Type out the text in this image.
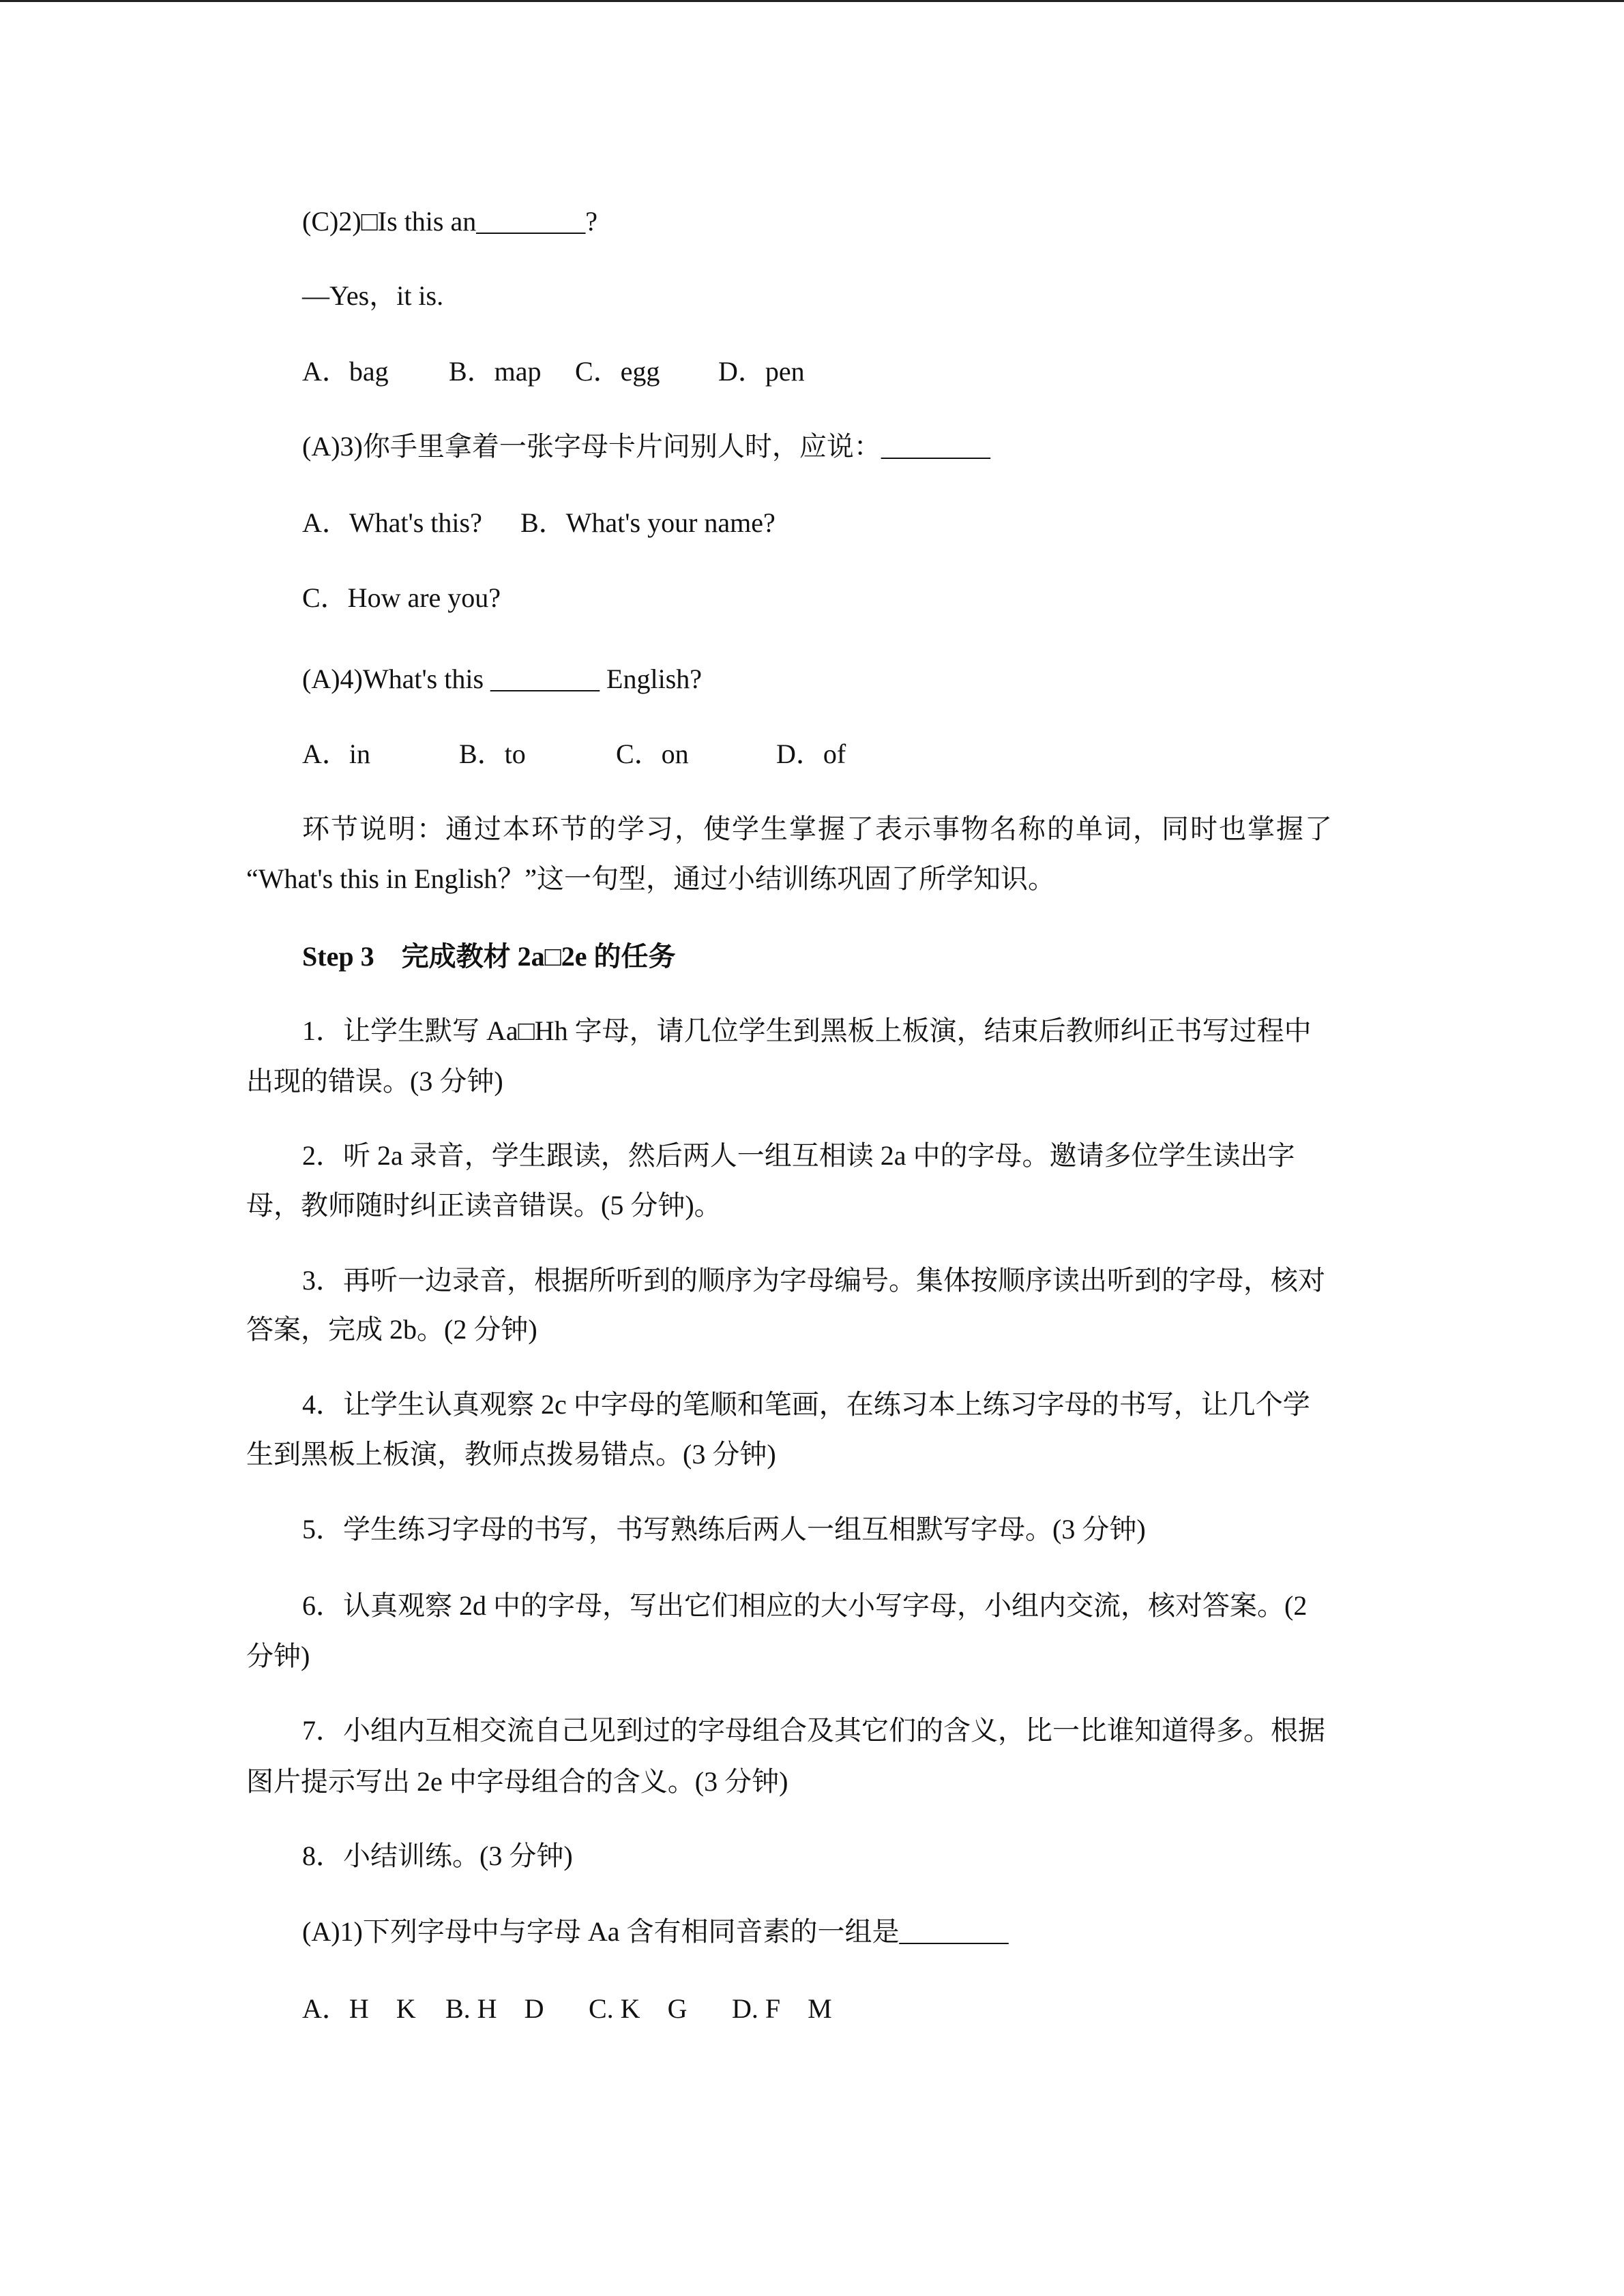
(C)2)□Is this an________?

—Yes，it is.

A．bag B．map C．egg D．pen

(A)3)你手里拿着一张字母卡片问别人时，应说：________

A．What's this? B．What's your name?

C．How are you?

(A)4)What's this ________ English?

A．in	B．to	C．on	D．of

环节说明：通过本环节的学习，使学生掌握了表示事物名称的单词，同时也掌握了

“What's this in English？”这一句型，通过小结训练巩固了所学知识。

Step 3　完成教材 2a□2e 的任务

1．让学生默写 Aa□Hh 字母，请几位学生到黑板上板演，结束后教师纠正书写过程中

出现的错误。(3 分钟)

2．听 2a 录音，学生跟读，然后两人一组互相读 2a 中的字母。邀请多位学生读出字

母，教师随时纠正读音错误。(5 分钟)。

3．再听一边录音，根据所听到的顺序为字母编号。集体按顺序读出听到的字母，核对

答案，完成 2b。(2 分钟)

4．让学生认真观察 2c 中字母的笔顺和笔画，在练习本上练习字母的书写，让几个学

生到黑板上板演，教师点拨易错点。(3 分钟)

5．学生练习字母的书写，书写熟练后两人一组互相默写字母。(3 分钟)

6．认真观察 2d 中的字母，写出它们相应的大小写字母，小组内交流，核对答案。(2

分钟)

7．小组内互相交流自己见到过的字母组合及其它们的含义，比一比谁知道得多。根据

图片提示写出 2e 中字母组合的含义。(3 分钟)

8．小结训练。(3 分钟)

(A)1)下列字母中与字母 Aa 含有相同音素的一组是________

A．H　K B. H　D C. K　G D. F　M
